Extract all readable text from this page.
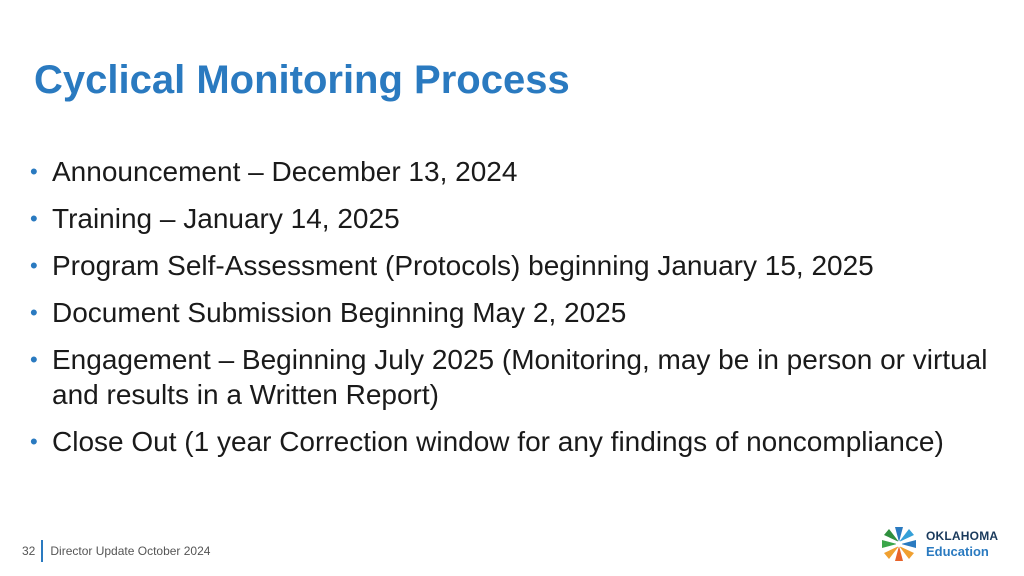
Cyclical Monitoring Process
• Announcement – December 13, 2024
• Training – January 14, 2025
• Program Self-Assessment (Protocols) beginning January 15, 2025
• Document Submission Beginning May 2, 2025
• Engagement – Beginning July 2025 (Monitoring, may be in person or virtual and results in a Written Report)
• Close Out (1 year Correction window for any findings of noncompliance)
32 Director Update October 2024
OKLAHOMA
Education
